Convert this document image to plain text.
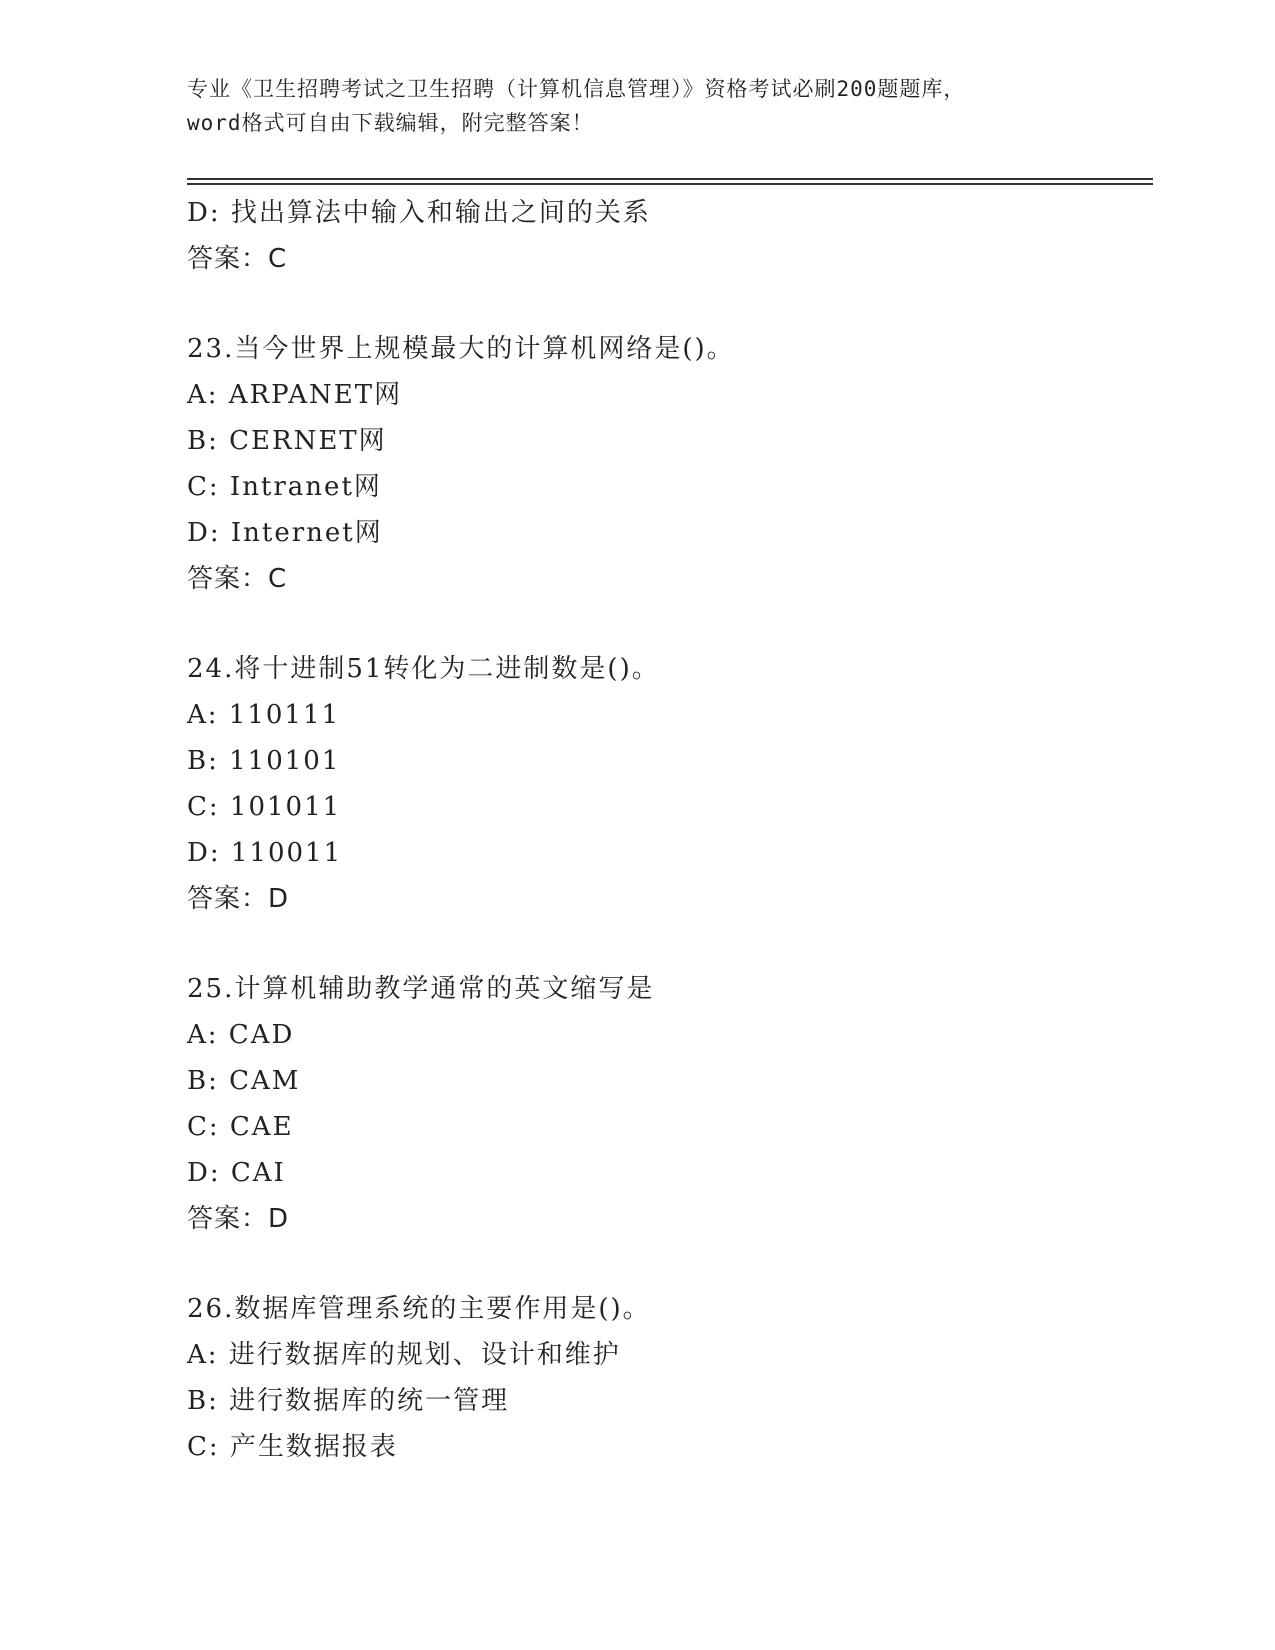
专业《卫生招聘考试之卫生招聘（计算机信息管理）》资格考试必刷200题题库，
word格式可自由下载编辑，附完整答案！
D: 找出算法中输入和输出之间的关系
答案：C
23.当今世界上规模最大的计算机网络是()。
A: ARPANET网
B: CERNET网
C: Intranet网
D: Internet网
答案：C
24.将十进制51转化为二进制数是()。
A: 110111
B: 110101
C: 101011
D: 110011
答案：D
25.计算机辅助教学通常的英文缩写是
A: CAD
B: CAM
C: CAE
D: CAI
答案：D
26.数据库管理系统的主要作用是()。
A: 进行数据库的规划、设计和维护
B: 进行数据库的统一管理
C: 产生数据报表
